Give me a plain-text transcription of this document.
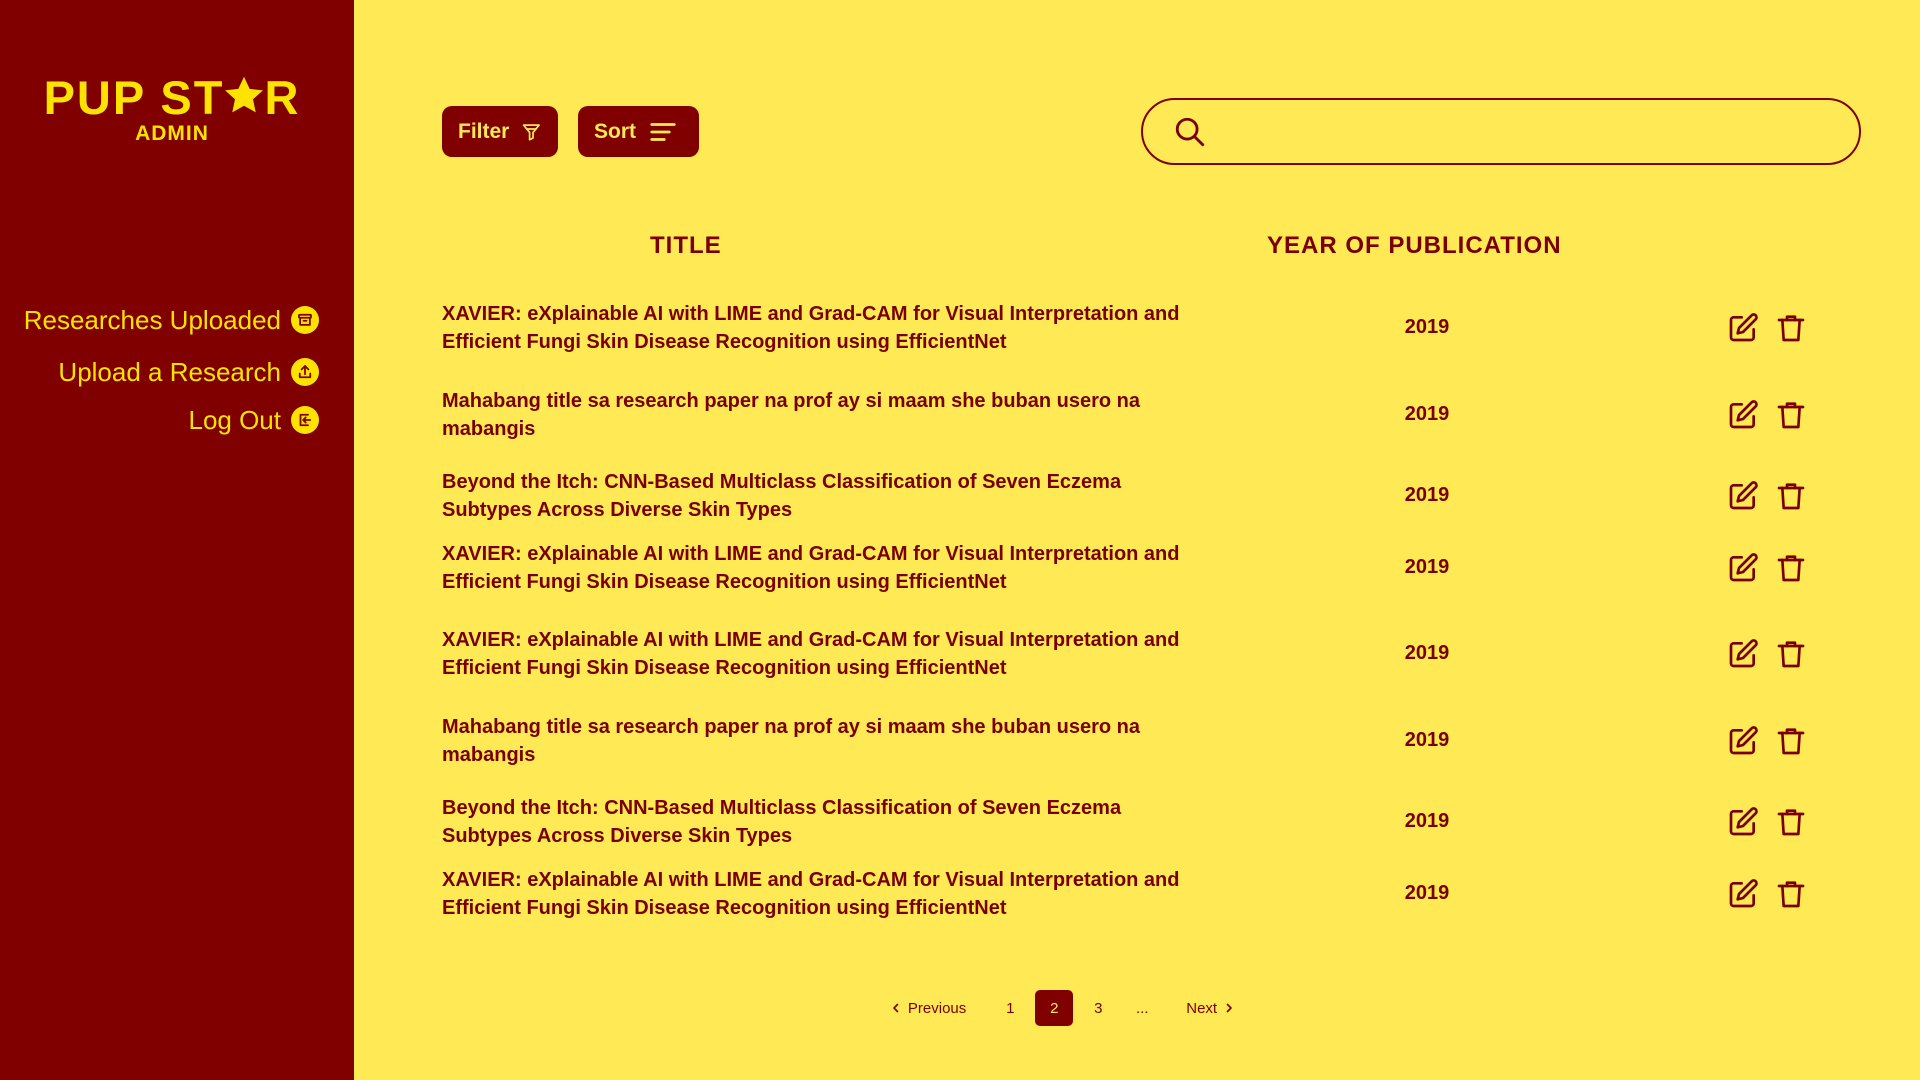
PUP ST R
ADMIN
Researches Uploaded
Upload a Research
Log Out
Filter	Sort
TITLE	YEAR OF PUBLICATION
XAVIER: eXplainable AI with LIME and Grad-CAM for Visual Interpretation and Efficient Fungi Skin Disease Recognition using EfficientNet
2019
Mahabang title sa research paper na prof ay si maam she buban usero na mabangis
2019
Beyond the Itch: CNN-Based Multiclass Classification of Seven Eczema Subtypes Across Diverse Skin Types
2019
XAVIER: eXplainable AI with LIME and Grad-CAM for Visual Interpretation and Efficient Fungi Skin Disease Recognition using EfficientNet
2019
XAVIER: eXplainable AI with LIME and Grad-CAM for Visual Interpretation and Efficient Fungi Skin Disease Recognition using EfficientNet
2019
Mahabang title sa research paper na prof ay si maam she buban usero na mabangis
2019
Beyond the Itch: CNN-Based Multiclass Classification of Seven Eczema Subtypes Across Diverse Skin Types
2019
XAVIER: eXplainable AI with LIME and Grad-CAM for Visual Interpretation and Efficient Fungi Skin Disease Recognition using EfficientNet
2019
Previous	1	2	3	...	Next
